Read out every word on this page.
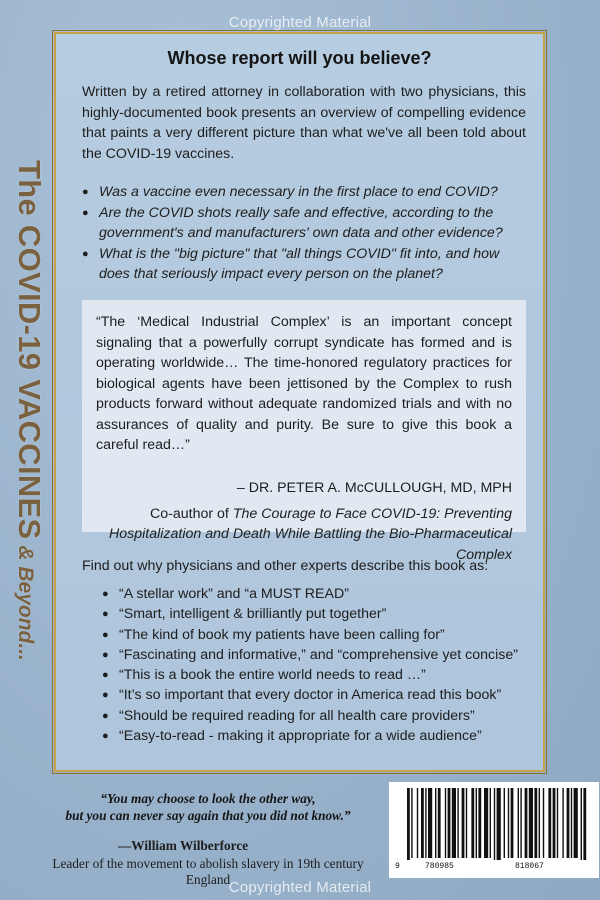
Copyrighted Material
The COVID-19 VACCINES & Beyond...
Whose report will you believe?

Written by a retired attorney in collaboration with two physicians, this highly-documented book presents an overview of compelling evidence that paints a very different picture than what we've all been told about the COVID-19 vaccines.

● Was a vaccine even necessary in the first place to end COVID?
● Are the COVID shots really safe and effective, according to the government's and manufacturers' own data and other evidence?
● What is the "big picture" that "all things COVID" fit into, and how does that seriously impact every person on the planet?

“The ‘Medical Industrial Complex’ is an important concept signaling that a powerfully corrupt syndicate has formed and is operating worldwide… The time-honored regulatory practices for biological agents have been jettisoned by the Complex to rush products forward without adequate randomized trials and with no assurances of quality and purity. Be sure to give this book a careful read…”

– DR. PETER A. McCULLOUGH, MD, MPH
Co-author of The Courage to Face COVID-19: Preventing Hospitalization and Death While Battling the Bio-Pharmaceutical Complex

Find out why physicians and other experts describe this book as:

● “A stellar work” and “a MUST READ”
● “Smart, intelligent & brilliantly put together”
● “The kind of book my patients have been calling for”
● “Fascinating and informative,” and “comprehensive yet concise”
● “This is a book the entire world needs to read …”
● “It’s so important that every doctor in America read this book”
● “Should be required reading for all health care providers”
● “Easy-to-read - making it appropriate for a wide audience”
“You may choose to look the other way,
but you can never say again that you did not know.”
—William Wilberforce
Leader of the movement to abolish slavery in 19th century England
9	780985	818067
Copyrighted Material
